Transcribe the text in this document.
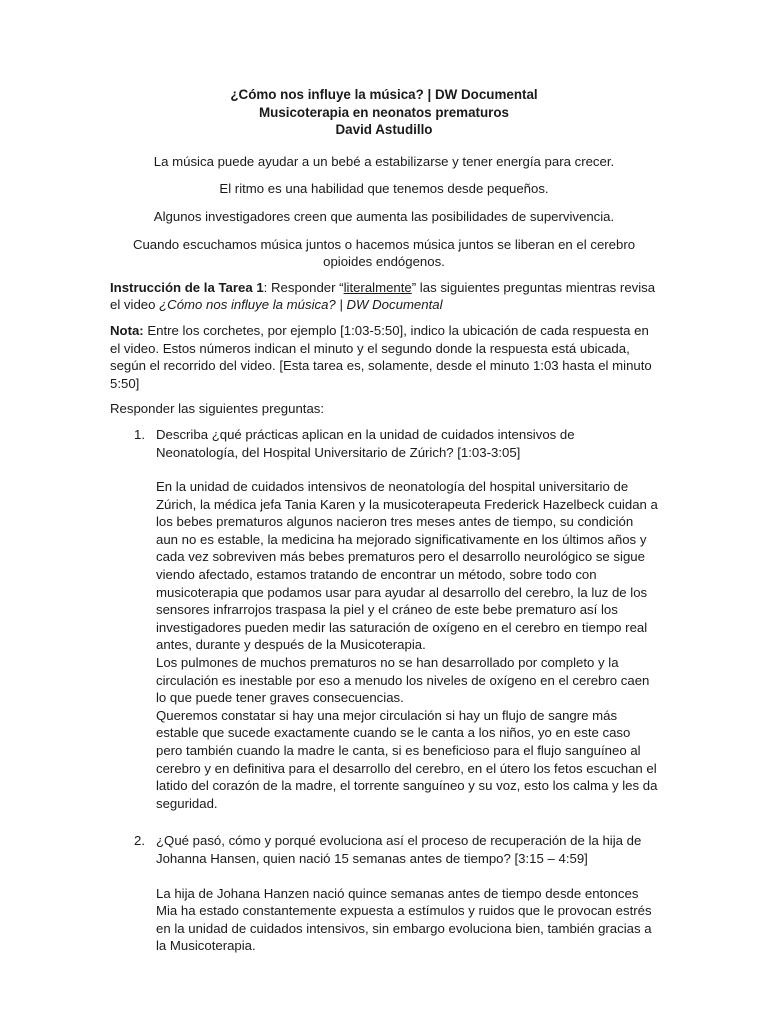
¿Cómo nos influye la música? | DW Documental
Musicoterapia en neonatos prematuros
David Astudillo

La música puede ayudar a un bebé a estabilizarse y tener energía para crecer.

El ritmo es una habilidad que tenemos desde pequeños.

Algunos investigadores creen que aumenta las posibilidades de supervivencia.

Cuando escuchamos música juntos o hacemos música juntos se liberan en el cerebro opioides endógenos.

Instrucción de la Tarea 1: Responder “literalmente” las siguientes preguntas mientras revisa el video ¿Cómo nos influye la música? | DW Documental

Nota: Entre los corchetes, por ejemplo [1:03-5:50], indico la ubicación de cada respuesta en el video. Estos números indican el minuto y el segundo donde la respuesta está ubicada, según el recorrido del video. [Esta tarea es, solamente, desde el minuto 1:03 hasta el minuto 5:50]

Responder las siguientes preguntas:

1. Describa ¿qué prácticas aplican en la unidad de cuidados intensivos de Neonatología, del Hospital Universitario de Zúrich? [1:03-3:05]
En la unidad de cuidados intensivos de neonatología del hospital universitario de Zúrich, la médica jefa Tania Karen y la musicoterapeuta Frederick Hazelbeck cuidan a los bebes prematuros algunos nacieron tres meses antes de tiempo, su condición aun no es estable, la medicina ha mejorado significativamente en los últimos años y cada vez sobreviven más bebes prematuros pero el desarrollo neurológico se sigue viendo afectado, estamos tratando de encontrar un método, sobre todo con musicoterapia que podamos usar para ayudar al desarrollo del cerebro, la luz de los sensores infrarrojos traspasa la piel y el cráneo de este bebe prematuro así los investigadores pueden medir las saturación de oxígeno en el cerebro en tiempo real antes, durante y después de la Musicoterapia.
Los pulmones de muchos prematuros no se han desarrollado por completo y la circulación es inestable por eso a menudo los niveles de oxígeno en el cerebro caen lo que puede tener graves consecuencias.
Queremos constatar si hay una mejor circulación si hay un flujo de sangre más estable que sucede exactamente cuando se le canta a los niños, yo en este caso pero también cuando la madre le canta, si es beneficioso para el flujo sanguíneo al cerebro y en definitiva para el desarrollo del cerebro, en el útero los fetos escuchan el latido del corazón de la madre, el torrente sanguíneo y su voz, esto los calma y les da seguridad.
2. ¿Qué pasó, cómo y porqué evoluciona así el proceso de recuperación de la hija de Johanna Hansen, quien nació 15 semanas antes de tiempo? [3:15 – 4:59]
La hija de Johana Hanzen nació quince semanas antes de tiempo desde entonces Mia ha estado constantemente expuesta a estímulos y ruidos que le provocan estrés en la unidad de cuidados intensivos, sin embargo evoluciona bien, también gracias a la Musicoterapia.
